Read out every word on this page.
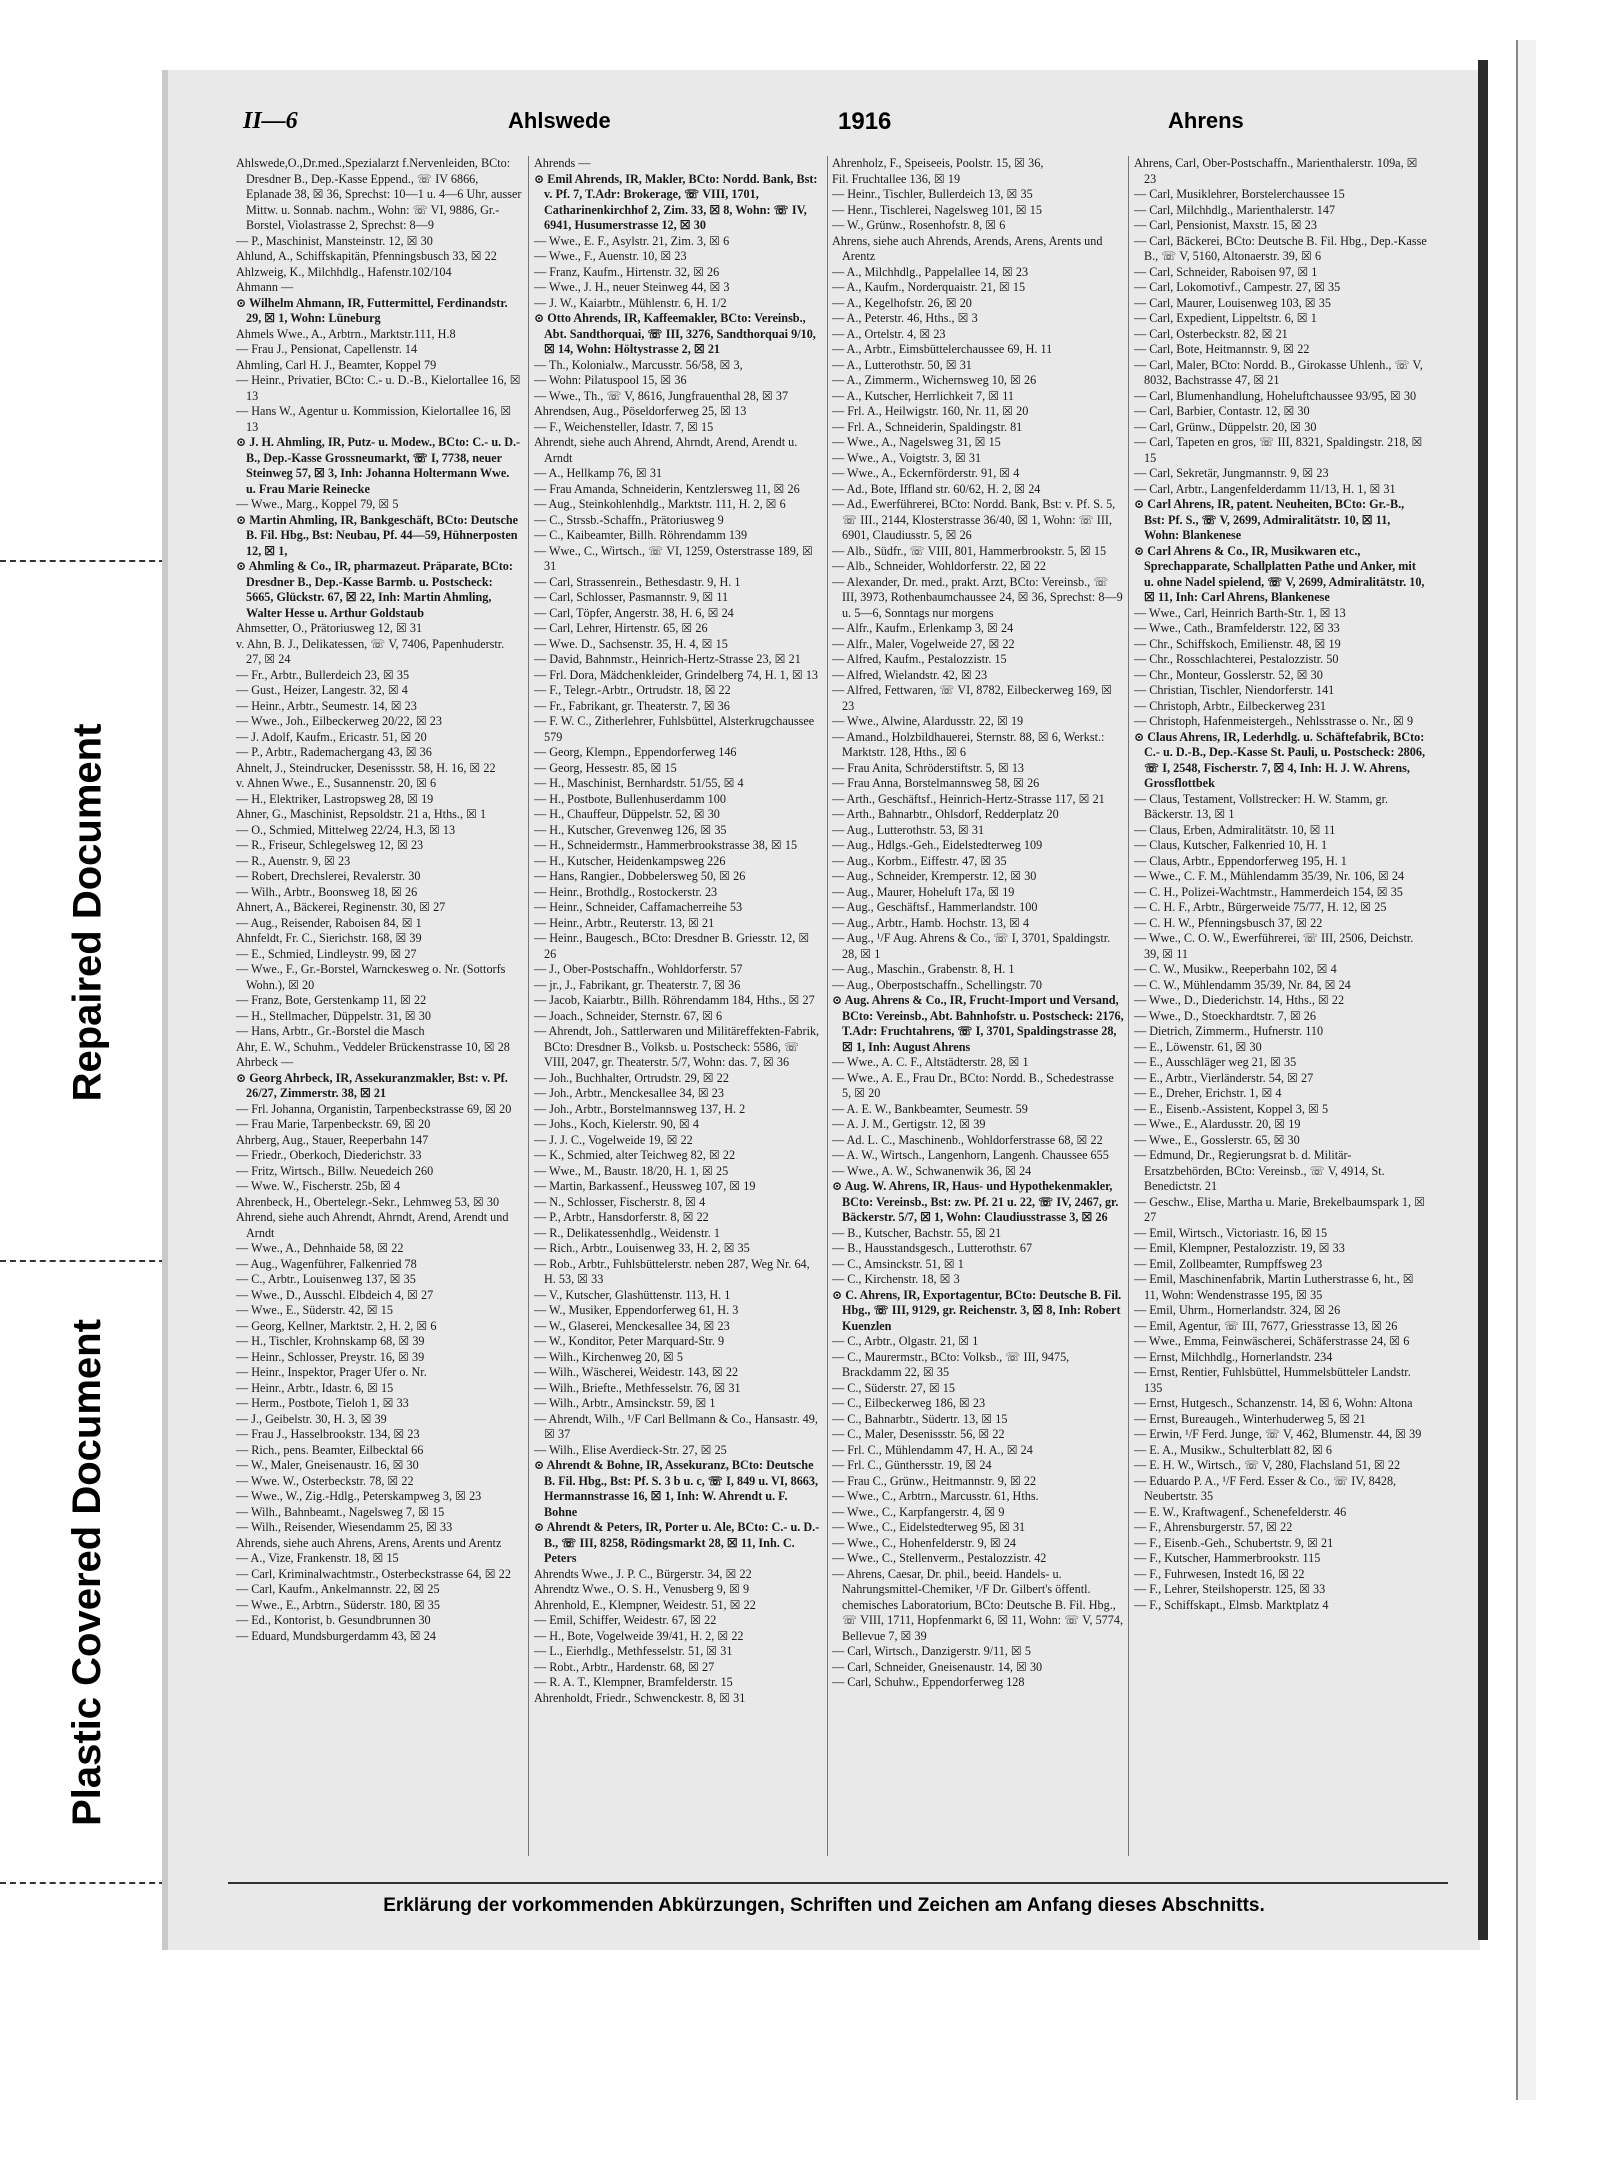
Repaired Document
Plastic Covered Document
II—6	Ahlswede	1916	Ahrens

Ahlswede,O.,Dr.med.,Spezialarzt f.Nervenleiden, BCto: Dresdner B., Dep.-Kasse Eppend., ☏ IV 6866, Eplanade 38, ☒ 36, Sprechst: 10—1 u. 4—6 Uhr, ausser Mittw. u. Sonnab. nachm., Wohn: ☏ VI, 9886, Gr.-Borstel, Violastrasse 2, Sprechst: 8—9

— P., Maschinist, Mansteinstr. 12, ☒ 30

Ahlund, A., Schiffskapitän, Pfenningsbusch 33, ☒ 22

Ahlzweig, K., Milchhdlg., Hafenstr.102/104

Ahmann —

⊙ Wilhelm Ahmann, IR, Futtermittel, Ferdinandstr. 29, ☒ 1, Wohn: Lüneburg

Ahmels Wwe., A., Arbtrn., Marktstr.111, H.8

— Frau J., Pensionat, Capellenstr. 14

Ahmling, Carl H. J., Beamter, Koppel 79

— Heinr., Privatier, BCto: C.- u. D.-B., Kielortallee 16, ☒ 13

— Hans W., Agentur u. Kommission, Kielortallee 16, ☒ 13

⊙ J. H. Ahmling, IR, Putz- u. Modew., BCto: C.- u. D.-B., Dep.-Kasse Grossneumarkt, ☏ I, 7738, neuer Steinweg 57, ☒ 3, Inh: Johanna Holtermann Wwe. u. Frau Marie Reinecke

— Wwe., Marg., Koppel 79, ☒ 5

⊙ Martin Ahmling, IR, Bankgeschäft, BCto: Deutsche B. Fil. Hbg., Bst: Neubau, Pf. 44—59, Hühnerposten 12, ☒ 1,

⊙ Ahmling & Co., IR, pharmazeut. Präparate, BCto: Dresdner B., Dep.-Kasse Barmb. u. Postscheck: 5665, Glückstr. 67, ☒ 22, Inh: Martin Ahmling, Walter Hesse u. Arthur Goldstaub

Ahmsetter, O., Prätoriusweg 12, ☒ 31

v. Ahn, B. J., Delikatessen, ☏ V, 7406, Papenhuderstr. 27, ☒ 24

— Fr., Arbtr., Bullerdeich 23, ☒ 35

— Gust., Heizer, Langestr. 32, ☒ 4

— Heinr., Arbtr., Seumestr. 14, ☒ 23

— Wwe., Joh., Eilbeckerweg 20/22, ☒ 23

— J. Adolf, Kaufm., Ericastr. 51, ☒ 20

— P., Arbtr., Rademachergang 43, ☒ 36

Ahnelt, J., Steindrucker, Desenissstr. 58, H. 16, ☒ 22

v. Ahnen Wwe., E., Susannenstr. 20, ☒ 6

— H., Elektriker, Lastropsweg 28, ☒ 19

Ahner, G., Maschinist, Repsoldstr. 21 a, Hths., ☒ 1

— O., Schmied, Mittelweg 22/24, H.3, ☒ 13

— R., Friseur, Schlegelsweg 12, ☒ 23

— R., Auenstr. 9, ☒ 23

— Robert, Drechslerei, Revalerstr. 30

— Wilh., Arbtr., Boonsweg 18, ☒ 26

Ahnert, A., Bäckerei, Reginenstr. 30, ☒ 27

— Aug., Reisender, Raboisen 84, ☒ 1

Ahnfeldt, Fr. C., Sierichstr. 168, ☒ 39

— E., Schmied, Lindleystr. 99, ☒ 27

— Wwe., F., Gr.-Borstel, Warnckesweg o. Nr. (Sottorfs Wohn.), ☒ 20

— Franz, Bote, Gerstenkamp 11, ☒ 22

— H., Stellmacher, Düppelstr. 31, ☒ 30

— Hans, Arbtr., Gr.-Borstel die Masch

Ahr, E. W., Schuhm., Veddeler Brückenstrasse 10, ☒ 28

Ahrbeck —

⊙ Georg Ahrbeck, IR, Assekuranzmakler, Bst: v. Pf. 26/27, Zimmerstr. 38, ☒ 21

— Frl. Johanna, Organistin, Tarpenbeckstrasse 69, ☒ 20

— Frau Marie, Tarpenbeckstr. 69, ☒ 20

Ahrberg, Aug., Stauer, Reeperbahn 147

— Friedr., Oberkoch, Diederichstr. 33

— Fritz, Wirtsch., Billw. Neuedeich 260

— Wwe. W., Fischerstr. 25b, ☒ 4

Ahrenbeck, H., Obertelegr.-Sekr., Lehmweg 53, ☒ 30

Ahrend, siehe auch Ahrendt, Ahrndt, Arend, Arendt und Arndt

— Wwe., A., Dehnhaide 58, ☒ 22

— Aug., Wagenführer, Falkenried 78

— C., Arbtr., Louisenweg 137, ☒ 35

— Wwe., D., Ausschl. Elbdeich 4, ☒ 27

— Wwe., E., Süderstr. 42, ☒ 15

— Georg, Kellner, Marktstr. 2, H. 2, ☒ 6

— H., Tischler, Krohnskamp 68, ☒ 39

— Heinr., Schlosser, Preystr. 16, ☒ 39

— Heinr., Inspektor, Prager Ufer o. Nr.

— Heinr., Arbtr., Idastr. 6, ☒ 15

— Herm., Postbote, Tieloh 1, ☒ 33

— J., Geibelstr. 30, H. 3, ☒ 39

— Frau J., Hasselbrookstr. 134, ☒ 23

— Rich., pens. Beamter, Eilbecktal 66

— W., Maler, Gneisenaustr. 16, ☒ 30

— Wwe. W., Osterbeckstr. 78, ☒ 22

— Wwe., W., Zig.-Hdlg., Peterskampweg 3, ☒ 23

— Wilh., Bahnbeamt., Nagelsweg 7, ☒ 15

— Wilh., Reisender, Wiesendamm 25, ☒ 33

Ahrends, siehe auch Ahrens, Arens, Arents und Arentz

— A., Vize, Frankenstr. 18, ☒ 15

— Carl, Kriminalwachtmstr., Osterbeckstrasse 64, ☒ 22

— Carl, Kaufm., Ankelmannstr. 22, ☒ 25

— Wwe., E., Arbtrn., Süderstr. 180, ☒ 35

— Ed., Kontorist, b. Gesundbrunnen 30

— Eduard, Mundsburgerdamm 43, ☒ 24

Ahrends —

⊙ Emil Ahrends, IR, Makler, BCto: Nordd. Bank, Bst: v. Pf. 7, T.Adr: Brokerage, ☏ VIII, 1701, Catharinenkirchhof 2, Zim. 33, ☒ 8, Wohn: ☏ IV, 6941, Husumerstrasse 12, ☒ 30

— Wwe., E. F., Asylstr. 21, Zim. 3, ☒ 6

— Wwe., F., Auenstr. 10, ☒ 23

— Franz, Kaufm., Hirtenstr. 32, ☒ 26

— Wwe., J. H., neuer Steinweg 44, ☒ 3

— J. W., Kaiarbtr., Mühlenstr. 6, H. 1/2

⊙ Otto Ahrends, IR, Kaffeemakler, BCto: Vereinsb., Abt. Sandthorquai, ☏ III, 3276, Sandthorquai 9/10, ☒ 14, Wohn: Höltystrasse 2, ☒ 21

— Th., Kolonialw., Marcusstr. 56/58, ☒ 3,

— Wohn: Pilatuspool 15, ☒ 36

— Wwe., Th., ☏ V, 8616, Jungfrauenthal 28, ☒ 37

Ahrendsen, Aug., Pöseldorferweg 25, ☒ 13

— F., Weichensteller, Idastr. 7, ☒ 15

Ahrendt, siehe auch Ahrend, Ahrndt, Arend, Arendt u. Arndt

— A., Hellkamp 76, ☒ 31

— Frau Amanda, Schneiderin, Kentzlersweg 11, ☒ 26

— Aug., Steinkohlenhdlg., Marktstr. 111, H. 2, ☒ 6

— C., Strssb.-Schaffn., Prätoriusweg 9

— C., Kaibeamter, Billh. Röhrendamm 139

— Wwe., C., Wirtsch., ☏ VI, 1259, Osterstrasse 189, ☒ 31

— Carl, Strassenrein., Bethesdastr. 9, H. 1

— Carl, Schlosser, Pasmannstr. 9, ☒ 11

— Carl, Töpfer, Angerstr. 38, H. 6, ☒ 24

— Carl, Lehrer, Hirtenstr. 65, ☒ 26

— Wwe. D., Sachsenstr. 35, H. 4, ☒ 15

— David, Bahnmstr., Heinrich-Hertz-Strasse 23, ☒ 21

— Frl. Dora, Mädchenkleider, Grindelberg 74, H. 1, ☒ 13

— F., Telegr.-Arbtr., Ortrudstr. 18, ☒ 22

— Fr., Fabrikant, gr. Theaterstr. 7, ☒ 36

— F. W. C., Zitherlehrer, Fuhlsbüttel, Alsterkrugchaussee 579

— Georg, Klempn., Eppendorferweg 146

— Georg, Hessestr. 85, ☒ 15

— H., Maschinist, Bernhardstr. 51/55, ☒ 4

— H., Postbote, Bullenhuserdamm 100

— H., Chauffeur, Düppelstr. 52, ☒ 30

— H., Kutscher, Grevenweg 126, ☒ 35

— H., Schneidermstr., Hammerbrookstrasse 38, ☒ 15

— H., Kutscher, Heidenkampsweg 226

— Hans, Rangier., Dobbelersweg 50, ☒ 26

— Heinr., Brothdlg., Rostockerstr. 23

— Heinr., Schneider, Caffamacherreihe 53

— Heinr., Arbtr., Reuterstr. 13, ☒ 21

— Heinr., Baugesch., BCto: Dresdner B. Griesstr. 12, ☒ 26

— J., Ober-Postschaffn., Wohldorferstr. 57

— jr., J., Fabrikant, gr. Theaterstr. 7, ☒ 36

— Jacob, Kaiarbtr., Billh. Röhrendamm 184, Hths., ☒ 27

— Joach., Schneider, Sternstr. 67, ☒ 6

— Ahrendt, Joh., Sattlerwaren und Militäreffekten-Fabrik, BCto: Dresdner B., Volksb. u. Postscheck: 5586, ☏ VIII, 2047, gr. Theaterstr. 5/7, Wohn: das. 7, ☒ 36

— Joh., Buchhalter, Ortrudstr. 29, ☒ 22

— Joh., Arbtr., Menckesallee 34, ☒ 23

— Joh., Arbtr., Borstelmannsweg 137, H. 2

— Johs., Koch, Kielerstr. 90, ☒ 4

— J. J. C., Vogelweide 19, ☒ 22

— K., Schmied, alter Teichweg 82, ☒ 22

— Wwe., M., Baustr. 18/20, H. 1, ☒ 25

— Martin, Barkassenf., Heussweg 107, ☒ 19

— N., Schlosser, Fischerstr. 8, ☒ 4

— P., Arbtr., Hansdorferstr. 8, ☒ 22

— R., Delikatessenhdlg., Weidenstr. 1

— Rich., Arbtr., Louisenweg 33, H. 2, ☒ 35

— Rob., Arbtr., Fuhlsbüttelerstr. neben 287, Weg Nr. 64, H. 53, ☒ 33

— V., Kutscher, Glashüttenstr. 113, H. 1

— W., Musiker, Eppendorferweg 61, H. 3

— W., Glaserei, Menckesallee 34, ☒ 23

— W., Konditor, Peter Marquard-Str. 9

— Wilh., Kirchenweg 20, ☒ 5

— Wilh., Wäscherei, Weidestr. 143, ☒ 22

— Wilh., Briefte., Methfesselstr. 76, ☒ 31

— Wilh., Arbtr., Amsinckstr. 59, ☒ 1

— Ahrendt, Wilh., ¹/F Carl Bellmann & Co., Hansastr. 49, ☒ 37

— Wilh., Elise Averdieck-Str. 27, ☒ 25

⊙ Ahrendt & Bohne, IR, Assekuranz, BCto: Deutsche B. Fil. Hbg., Bst: Pf. S. 3 b u. c, ☏ I, 849 u. VI, 8663, Hermannstrasse 16, ☒ 1, Inh: W. Ahrendt u. F. Bohne

⊙ Ahrendt & Peters, IR, Porter u. Ale, BCto: C.- u. D.-B., ☏ III, 8258, Rödingsmarkt 28, ☒ 11, Inh. C. Peters

Ahrendts Wwe., J. P. C., Bürgerstr. 34, ☒ 22

Ahrendtz Wwe., O. S. H., Venusberg 9, ☒ 9

Ahrenhold, E., Klempner, Weidestr. 51, ☒ 22

— Emil, Schiffer, Weidestr. 67, ☒ 22

— H., Bote, Vogelweide 39/41, H. 2, ☒ 22

— L., Eierhdlg., Methfesselstr. 51, ☒ 31

— Robt., Arbtr., Hardenstr. 68, ☒ 27

— R. A. T., Klempner, Bramfelderstr. 15

Ahrenholdt, Friedr., Schwenckestr. 8, ☒ 31

Ahrenholz, F., Speiseeis, Poolstr. 15, ☒ 36,

Fil. Fruchtallee 136, ☒ 19

— Heinr., Tischler, Bullerdeich 13, ☒ 35

— Henr., Tischlerei, Nagelsweg 101, ☒ 15

— W., Grünw., Rosenhofstr. 8, ☒ 6

Ahrens, siehe auch Ahrends, Arends, Arens, Arents und Arentz

— A., Milchhdlg., Pappelallee 14, ☒ 23

— A., Kaufm., Norderquaistr. 21, ☒ 15

— A., Kegelhofstr. 26, ☒ 20

— A., Peterstr. 46, Hths., ☒ 3

— A., Ortelstr. 4, ☒ 23

— A., Arbtr., Eimsbüttelerchaussee 69, H. 11

— A., Lutterothstr. 50, ☒ 31

— A., Zimmerm., Wichernsweg 10, ☒ 26

— A., Kutscher, Herrlichkeit 7, ☒ 11

— Frl. A., Heilwigstr. 160, Nr. 11, ☒ 20

— Frl. A., Schneiderin, Spaldingstr. 81

— Wwe., A., Nagelsweg 31, ☒ 15

— Wwe., A., Voigtstr. 3, ☒ 31

— Wwe., A., Eckernförderstr. 91, ☒ 4

— Ad., Bote, Iffland str. 60/62, H. 2, ☒ 24

— Ad., Ewerführerei, BCto: Nordd. Bank, Bst: v. Pf. S. 5, ☏ III., 2144, Klosterstrasse 36/40, ☒ 1, Wohn: ☏ III, 6901, Claudiusstr. 5, ☒ 26

— Alb., Südfr., ☏ VIII, 801, Hammerbrookstr. 5, ☒ 15

— Alb., Schneider, Wohldorferstr. 22, ☒ 22

— Alexander, Dr. med., prakt. Arzt, BCto: Vereinsb., ☏ III, 3973, Rothenbaumchaussee 24, ☒ 36, Sprechst: 8—9 u. 5—6, Sonntags nur morgens

— Alfr., Kaufm., Erlenkamp 3, ☒ 24

— Alfr., Maler, Vogelweide 27, ☒ 22

— Alfred, Kaufm., Pestalozzistr. 15

— Alfred, Wielandstr. 42, ☒ 23

— Alfred, Fettwaren, ☏ VI, 8782, Eilbeckerweg 169, ☒ 23

— Wwe., Alwine, Alardusstr. 22, ☒ 19

— Amand., Holzbildhauerei, Sternstr. 88, ☒ 6, Werkst.: Marktstr. 128, Hths., ☒ 6

— Frau Anita, Schröderstiftstr. 5, ☒ 13

— Frau Anna, Borstelmannsweg 58, ☒ 26

— Arth., Geschäftsf., Heinrich-Hertz-Strasse 117, ☒ 21

— Arth., Bahnarbtr., Ohlsdorf, Redderplatz 20

— Aug., Lutterothstr. 53, ☒ 31

— Aug., Hdlgs.-Geh., Eidelstedterweg 109

— Aug., Korbm., Eiffestr. 47, ☒ 35

— Aug., Schneider, Kremperstr. 12, ☒ 30

— Aug., Maurer, Hoheluft 17a, ☒ 19

— Aug., Geschäftsf., Hammerlandstr. 100

— Aug., Arbtr., Hamb. Hochstr. 13, ☒ 4

— Aug., ¹/F Aug. Ahrens & Co., ☏ I, 3701, Spaldingstr. 28, ☒ 1

— Aug., Maschin., Grabenstr. 8, H. 1

— Aug., Oberpostschaffn., Schellingstr. 70

⊙ Aug. Ahrens & Co., IR, Frucht-Import und Versand, BCto: Vereinsb., Abt. Bahnhofstr. u. Postscheck: 2176, T.Adr: Fruchtahrens, ☏ I, 3701, Spaldingstrasse 28, ☒ 1, Inh: August Ahrens

— Wwe., A. C. F., Altstädterstr. 28, ☒ 1

— Wwe., A. E., Frau Dr., BCto: Nordd. B., Schedestrasse 5, ☒ 20

— A. E. W., Bankbeamter, Seumestr. 59

— A. J. M., Gertigstr. 12, ☒ 39

— Ad. L. C., Maschinenb., Wohldorferstrasse 68, ☒ 22

— A. W., Wirtsch., Langenhorn, Langenh. Chaussee 655

— Wwe., A. W., Schwanenwik 36, ☒ 24

⊙ Aug. W. Ahrens, IR, Haus- und Hypothekenmakler, BCto: Vereinsb., Bst: zw. Pf. 21 u. 22, ☏ IV, 2467, gr. Bäckerstr. 5/7, ☒ 1, Wohn: Claudiusstrasse 3, ☒ 26

— B., Kutscher, Bachstr. 55, ☒ 21

— B., Hausstandsgesch., Lutterothstr. 67

— C., Amsinckstr. 51, ☒ 1

— C., Kirchenstr. 18, ☒ 3

⊙ C. Ahrens, IR, Exportagentur, BCto: Deutsche B. Fil. Hbg., ☏ III, 9129, gr. Reichenstr. 3, ☒ 8, Inh: Robert Kuenzlen

— C., Arbtr., Olgastr. 21, ☒ 1

— C., Maurermstr., BCto: Volksb., ☏ III, 9475, Brackdamm 22, ☒ 35

— C., Süderstr. 27, ☒ 15

— C., Eilbeckerweg 186, ☒ 23

— C., Bahnarbtr., Südertr. 13, ☒ 15

— C., Maler, Desenissstr. 56, ☒ 22

— Frl. C., Mühlendamm 47, H. A., ☒ 24

— Frl. C., Günthersstr. 19, ☒ 24

— Frau C., Grünw., Heitmannstr. 9, ☒ 22

— Wwe., C., Arbtrn., Marcusstr. 61, Hths.

— Wwe., C., Karpfangerstr. 4, ☒ 9

— Wwe., C., Eidelstedterweg 95, ☒ 31

— Wwe., C., Hohenfelderstr. 9, ☒ 24

— Wwe., C., Stellenverm., Pestalozzistr. 42

— Ahrens, Caesar, Dr. phil., beeid. Handels- u. Nahrungsmittel-Chemiker, ¹/F Dr. Gilbert's öffentl. chemisches Laboratorium, BCto: Deutsche B. Fil. Hbg., ☏ VIII, 1711, Hopfenmarkt 6, ☒ 11, Wohn: ☏ V, 5774, Bellevue 7, ☒ 39

— Carl, Wirtsch., Danzigerstr. 9/11, ☒ 5

— Carl, Schneider, Gneisenaustr. 14, ☒ 30

— Carl, Schuhw., Eppendorferweg 128

Ahrens, Carl, Ober-Postschaffn., Marienthalerstr. 109a, ☒ 23

— Carl, Musiklehrer, Borstelerchaussee 15

— Carl, Milchhdlg., Marienthalerstr. 147

— Carl, Pensionist, Maxstr. 15, ☒ 23

— Carl, Bäckerei, BCto: Deutsche B. Fil. Hbg., Dep.-Kasse B., ☏ V, 5160, Altonaerstr. 39, ☒ 6

— Carl, Schneider, Raboisen 97, ☒ 1

— Carl, Lokomotivf., Campestr. 27, ☒ 35

— Carl, Maurer, Louisenweg 103, ☒ 35

— Carl, Expedient, Lippeltstr. 6, ☒ 1

— Carl, Osterbeckstr. 82, ☒ 21

— Carl, Bote, Heitmannstr. 9, ☒ 22

— Carl, Maler, BCto: Nordd. B., Girokasse Uhlenh., ☏ V, 8032, Bachstrasse 47, ☒ 21

— Carl, Blumenhandlung, Hoheluftchaussee 93/95, ☒ 30

— Carl, Barbier, Contastr. 12, ☒ 30

— Carl, Grünw., Düppelstr. 20, ☒ 30

— Carl, Tapeten en gros, ☏ III, 8321, Spaldingstr. 218, ☒ 15

— Carl, Sekretär, Jungmannstr. 9, ☒ 23

— Carl, Arbtr., Langenfelderdamm 11/13, H. 1, ☒ 31

⊙ Carl Ahrens, IR, patent. Neuheiten, BCto: Gr.-B., Bst: Pf. S., ☏ V, 2699, Admiralitätstr. 10, ☒ 11, Wohn: Blankenese

⊙ Carl Ahrens & Co., IR, Musikwaren etc., Sprechapparate, Schallplatten Pathe und Anker, mit u. ohne Nadel spielend, ☏ V, 2699, Admiralitätstr. 10, ☒ 11, Inh: Carl Ahrens, Blankenese

— Wwe., Carl, Heinrich Barth-Str. 1, ☒ 13

— Wwe., Cath., Bramfelderstr. 122, ☒ 33

— Chr., Schiffskoch, Emilienstr. 48, ☒ 19

— Chr., Rosschlachterei, Pestalozzistr. 50

— Chr., Monteur, Gosslerstr. 52, ☒ 30

— Christian, Tischler, Niendorferstr. 141

— Christoph, Arbtr., Eilbeckerweg 231

— Christoph, Hafenmeistergeh., Nehlsstrasse o. Nr., ☒ 9

⊙ Claus Ahrens, IR, Lederhdlg. u. Schäftefabrik, BCto: C.- u. D.-B., Dep.-Kasse St. Pauli, u. Postscheck: 2806, ☏ I, 2548, Fischerstr. 7, ☒ 4, Inh: H. J. W. Ahrens, Grossflottbek

— Claus, Testament, Vollstrecker: H. W. Stamm, gr. Bäckerstr. 13, ☒ 1

— Claus, Erben, Admiralitätstr. 10, ☒ 11

— Claus, Kutscher, Falkenried 10, H. 1

— Claus, Arbtr., Eppendorferweg 195, H. 1

— Wwe., C. F. M., Mühlendamm 35/39, Nr. 106, ☒ 24

— C. H., Polizei-Wachtmstr., Hammerdeich 154, ☒ 35

— C. H. F., Arbtr., Bürgerweide 75/77, H. 12, ☒ 25

— C. H. W., Pfenningsbusch 37, ☒ 22

— Wwe., C. O. W., Ewerführerei, ☏ III, 2506, Deichstr. 39, ☒ 11

— C. W., Musikw., Reeperbahn 102, ☒ 4

— C. W., Mühlendamm 35/39, Nr. 84, ☒ 24

— Wwe., D., Diederichstr. 14, Hths., ☒ 22

— Wwe., D., Stoeckhardtstr. 7, ☒ 26

— Dietrich, Zimmerm., Hufnerstr. 110

— E., Löwenstr. 61, ☒ 30

— E., Ausschläger weg 21, ☒ 35

— E., Arbtr., Vierländerstr. 54, ☒ 27

— E., Dreher, Erichstr. 1, ☒ 4

— E., Eisenb.-Assistent, Koppel 3, ☒ 5

— Wwe., E., Alardusstr. 20, ☒ 19

— Wwe., E., Gosslerstr. 65, ☒ 30

— Edmund, Dr., Regierungsrat b. d. Militär-Ersatzbehörden, BCto: Vereinsb., ☏ V, 4914, St. Benedictstr. 21

— Geschw., Elise, Martha u. Marie, Brekelbaumspark 1, ☒ 27

— Emil, Wirtsch., Victoriastr. 16, ☒ 15

— Emil, Klempner, Pestalozzistr. 19, ☒ 33

— Emil, Zollbeamter, Rumpffsweg 23

— Emil, Maschinenfabrik, Martin Lutherstrasse 6, ht., ☒ 11, Wohn: Wendenstrasse 195, ☒ 35

— Emil, Uhrm., Hornerlandstr. 324, ☒ 26

— Emil, Agentur, ☏ III, 7677, Griesstrasse 13, ☒ 26

— Wwe., Emma, Feinwäscherei, Schäferstrasse 24, ☒ 6

— Ernst, Milchhdlg., Hornerlandstr. 234

— Ernst, Rentier, Fuhlsbüttel, Hummelsbütteler Landstr. 135

— Ernst, Hutgesch., Schanzenstr. 14, ☒ 6, Wohn: Altona

— Ernst, Bureaugeh., Winterhuderweg 5, ☒ 21

— Erwin, ¹/F Ferd. Junge, ☏ V, 462, Blumenstr. 44, ☒ 39

— E. A., Musikw., Schulterblatt 82, ☒ 6

— E. H. W., Wirtsch., ☏ V, 280, Flachsland 51, ☒ 22

— Eduardo P. A., ¹/F Ferd. Esser & Co., ☏ IV, 8428, Neubertstr. 35

— E. W., Kraftwagenf., Schenefelderstr. 46

— F., Ahrensburgerstr. 57, ☒ 22

— F., Eisenb.-Geh., Schubertstr. 9, ☒ 21

— F., Kutscher, Hammerbrookstr. 115

— F., Fuhrwesen, Instedt 16, ☒ 22

— F., Lehrer, Steilshoperstr. 125, ☒ 33

— F., Schiffskapt., Elmsb. Marktplatz 4

Erklärung der vorkommenden Abkürzungen, Schriften und Zeichen am Anfang dieses Abschnitts.
